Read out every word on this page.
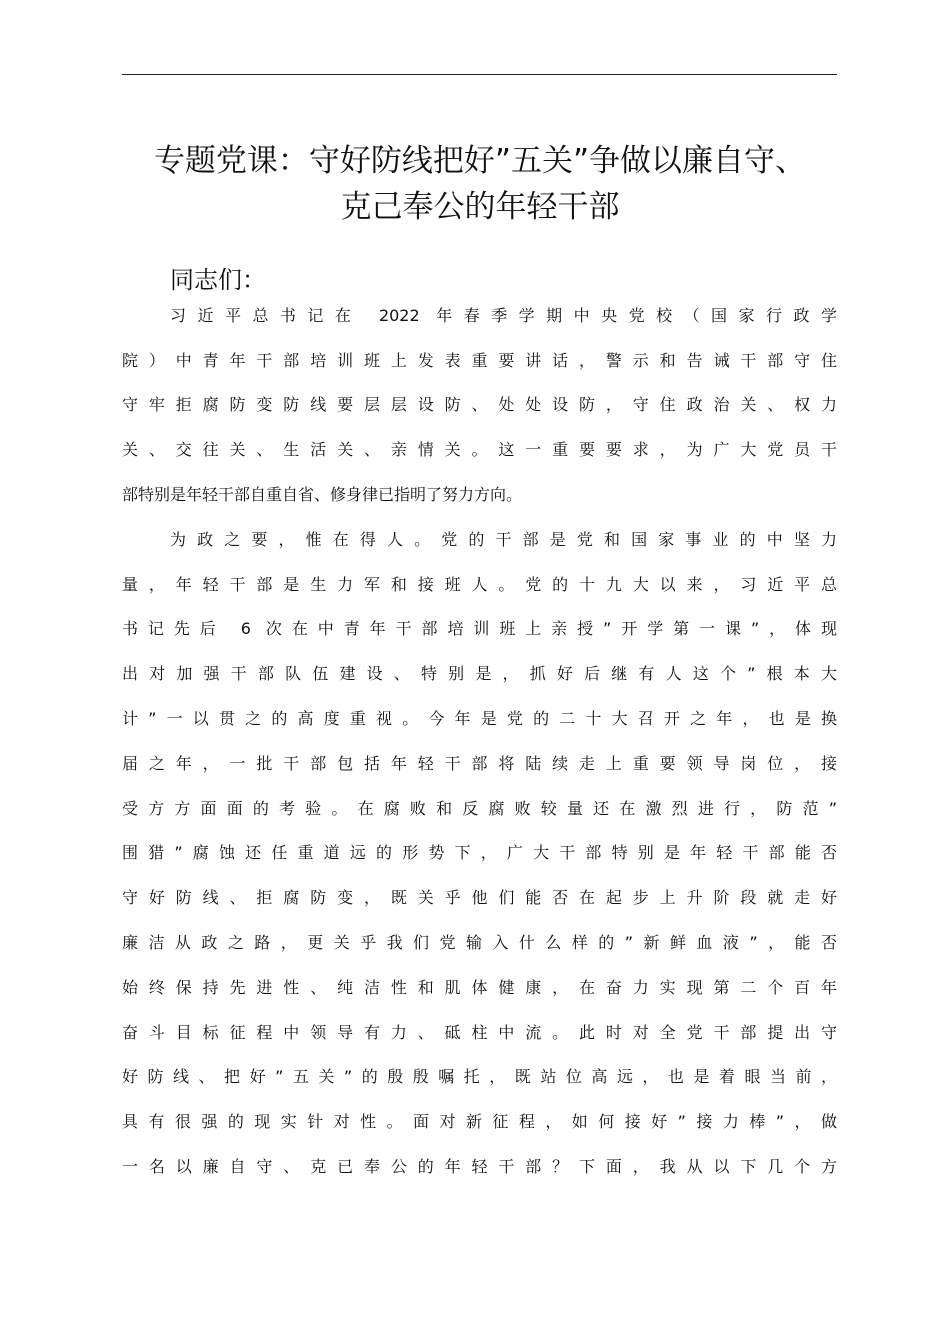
专题党课：守好防线把好”五关”争做以廉自守、
克己奉公的年轻干部

同志们：

习近平总书记在 2022 年春季学期中央党校（国家行政学
院）中青年干部培训班上发表重要讲话，警示和告诫干部守住
守牢拒腐防变防线要层层设防、处处设防，守住政治关、权力
关、交往关、生活关、亲情关。这一重要要求，为广大党员干
部特别是年轻干部自重自省、修身律已指明了努力方向。
为政之要，惟在得人。党的干部是党和国家事业的中坚力
量，年轻干部是生力军和接班人。党的十九大以来，习近平总
书记先后 6 次在中青年干部培训班上亲授”开学第一课”，体现
出对加强干部队伍建设、特别是，抓好后继有人这个”根本大
计”一以贯之的高度重视。今年是党的二十大召开之年，也是换
届之年，一批干部包括年轻干部将陆续走上重要领导岗位，接
受方方面面的考验。在腐败和反腐败较量还在激烈进行，防范”
围猎”腐蚀还任重道远的形势下，广大干部特别是年轻干部能否
守好防线、拒腐防变，既关乎他们能否在起步上升阶段就走好
廉洁从政之路，更关乎我们党输入什么样的”新鲜血液”，能否
始终保持先进性、纯洁性和肌体健康，在奋力实现第二个百年
奋斗目标征程中领导有力、砥柱中流。此时对全党干部提出守
好防线、把好”五关”的殷殷嘱托，既站位高远，也是着眼当前，
具有很强的现实针对性。面对新征程，如何接好”接力棒”，做
一名以廉自守、克已奉公的年轻干部？下面，我从以下几个方
